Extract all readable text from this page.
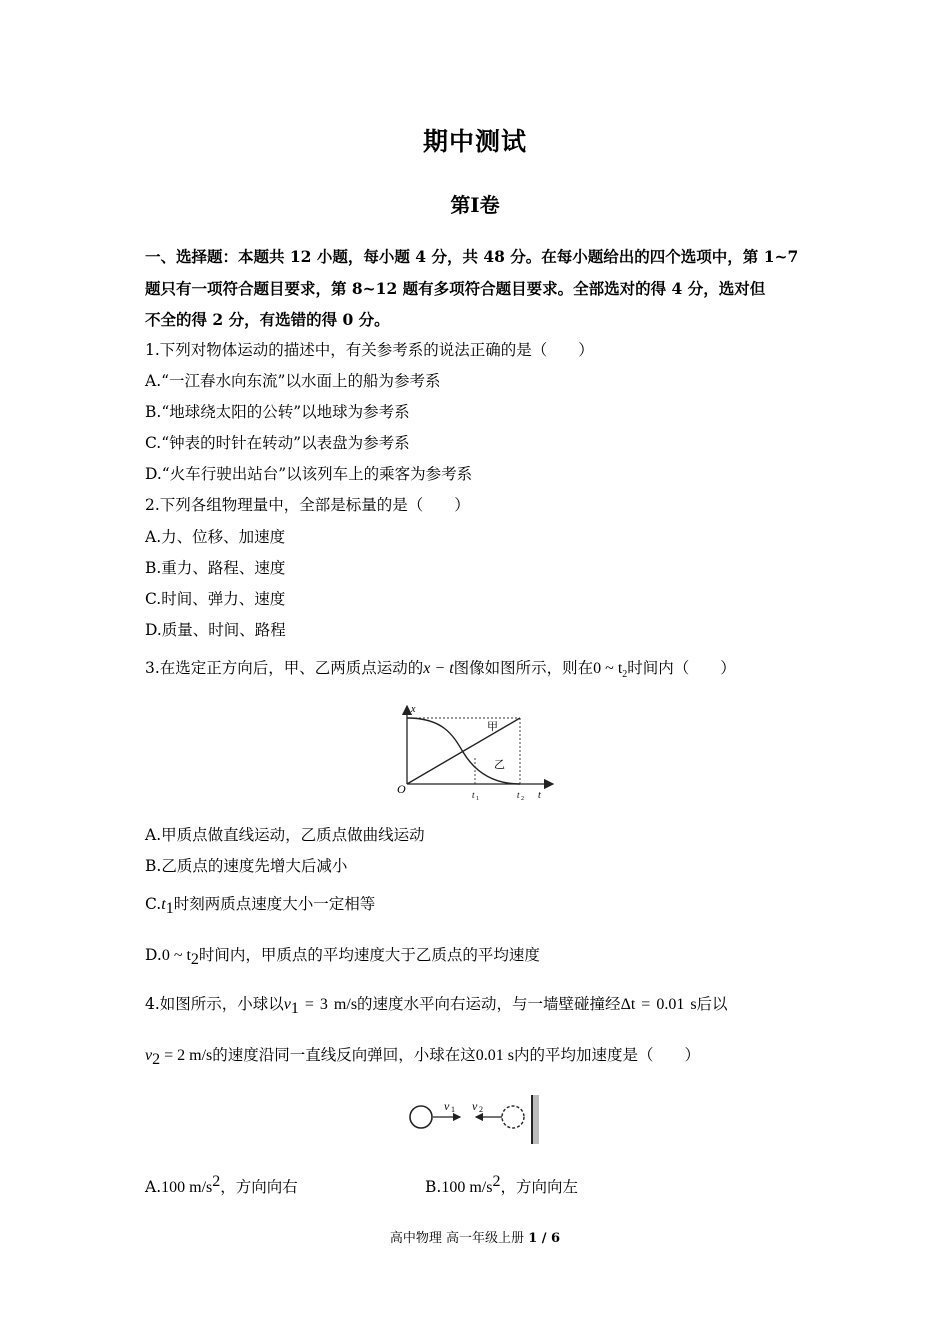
期中测试
第Ⅰ卷
一、选择题：本题共 12 小题，每小题 4 分，共 48 分。在每小题给出的四个选项中，第 1~7
题只有一项符合题目要求，第 8~12 题有多项符合题目要求。全部选对的得 4 分，选对但
不全的得 2 分，有选错的得 0 分。
1.下列对物体运动的描述中，有关参考系的说法正确的是（　　）
A.“一江春水向东流”以水面上的船为参考系
B.“地球绕太阳的公转”以地球为参考系
C.“钟表的时针在转动”以表盘为参考系
D.“火车行驶出站台”以该列车上的乘客为参考系
2.下列各组物理量中，全部是标量的是（　　）
A.力、位移、加速度
B.重力、路程、速度
C.时间、弹力、速度
D.质量、时间、路程
3.在选定正方向后，甲、乙两质点运动的x − t图像如图所示，则在0 ~ $t_2$时间内（　　）
O
x
t
t 1	t 2
甲
乙
A.甲质点做直线运动，乙质点做曲线运动
B.乙质点的速度先增大后减小
$C.t_1$时刻两质点速度大小一定相等
D.0 ~ $t_2$时间内，甲质点的平均速度大于乙质点的平均速度
4.如图所示，小球以$v_1 = 3$ m/s的速度水平向右运动，与一墙壁碰撞经Δt = 0.01 s后以
$v_2 = 2$ m/s的速度沿同一直线反向弹回，小球在这0.01 s内的平均加速度是（　　）
v 1 v 2
A.100 $m/s^2$，方向向右	B.100 $m/s^2$，方向向左
高中物理 高一年级上册 1 / 6
